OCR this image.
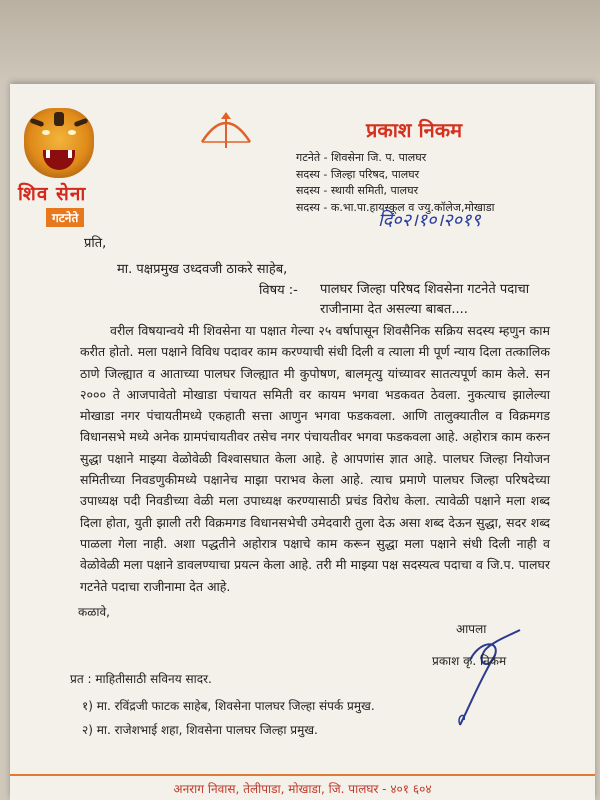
शिव सेना
गटनेते
प्रकाश निकम
गटनेते - शिवसेना जि. प. पालघर
सदस्य - जिल्हा परिषद, पालघर
सदस्य - स्थायी समिती, पालघर
सदस्य - क.भा.पा.हायस्कूल व ज्यु.कॉलेज,मोखाडा
दि०२।१०।२०१९
प्रति,
मा. पक्षप्रमुख उध्दवजी ठाकरे साहेब,
विषय :- पालघर जिल्हा परिषद शिवसेना गटनेते पदाचा राजीनामा देत असल्या बाबत....

वरील विषयान्वये मी शिवसेना या पक्षात गेल्या २५ वर्षापासून शिवसैनिक सक्रिय सदस्य म्हणुन काम करीत होतो. मला पक्षाने विविध पदावर काम करण्याची संधी दिली व त्याला मी पूर्ण न्याय दिला तत्कालिक ठाणे जिल्ह्यात व आताच्या पालघर जिल्ह्यात मी कुपोषण, बालमृत्यु यांच्यावर सातत्यपूर्ण काम केले. सन २००० ते आजपावेतो मोखाडा पंचायत समिती वर कायम भगवा भडकवत ठेवला. नुकत्याच झालेल्या मोखाडा नगर पंचायतीमध्ये एकहाती सत्ता आणुन भगवा फडकवला. आणि तालुक्यातील व विक्रमगड विधानसभे मध्ये अनेक ग्रामपंचायतीवर तसेच नगर पंचायतीवर भगवा फडकवला आहे. अहोरात्र काम करुन सुद्धा पक्षाने माझ्या वेळोवेळी विश्वासघात केला आहे. हे आपणांस ज्ञात आहे. पालघर जिल्हा नियोजन समितीच्या निवडणुकीमध्ये पक्षानेच माझा पराभव केला आहे. त्याच प्रमाणे पालघर जिल्हा परिषदेच्या उपाध्यक्ष पदी निवडीच्या वेळी मला उपाध्यक्ष करण्यासाठी प्रचंड विरोध केला. त्यावेळी पक्षाने मला शब्द दिला होता, युती झाली तरी विक्रमगड विधानसभेची उमेदवारी तुला देऊ असा शब्द देऊन सुद्धा, सदर शब्द पाळला गेला नाही. अशा पद्धतीने अहोरात्र पक्षाचे काम करून सुद्धा मला पक्षाने संधी दिली नाही व वेळोवेळी मला पक्षाने डावलण्याचा प्रयत्न केला आहे. तरी मी माझ्या पक्ष सदस्यत्व पदाचा व जि.प. पालघर गटनेते पदाचा राजीनामा देत आहे.

कळावे,
आपला
प्रकाश कृ. निकम
प्रत : माहितीसाठी सविनय सादर.
१) मा. रविंद्रजी फाटक साहेब, शिवसेना पालघर जिल्हा संपर्क प्रमुख.
२) मा. राजेशभाई शहा, शिवसेना पालघर जिल्हा प्रमुख.
अनराग निवास, तेलीपाडा, मोखाडा, जि. पालघर - ४०१ ६०४
